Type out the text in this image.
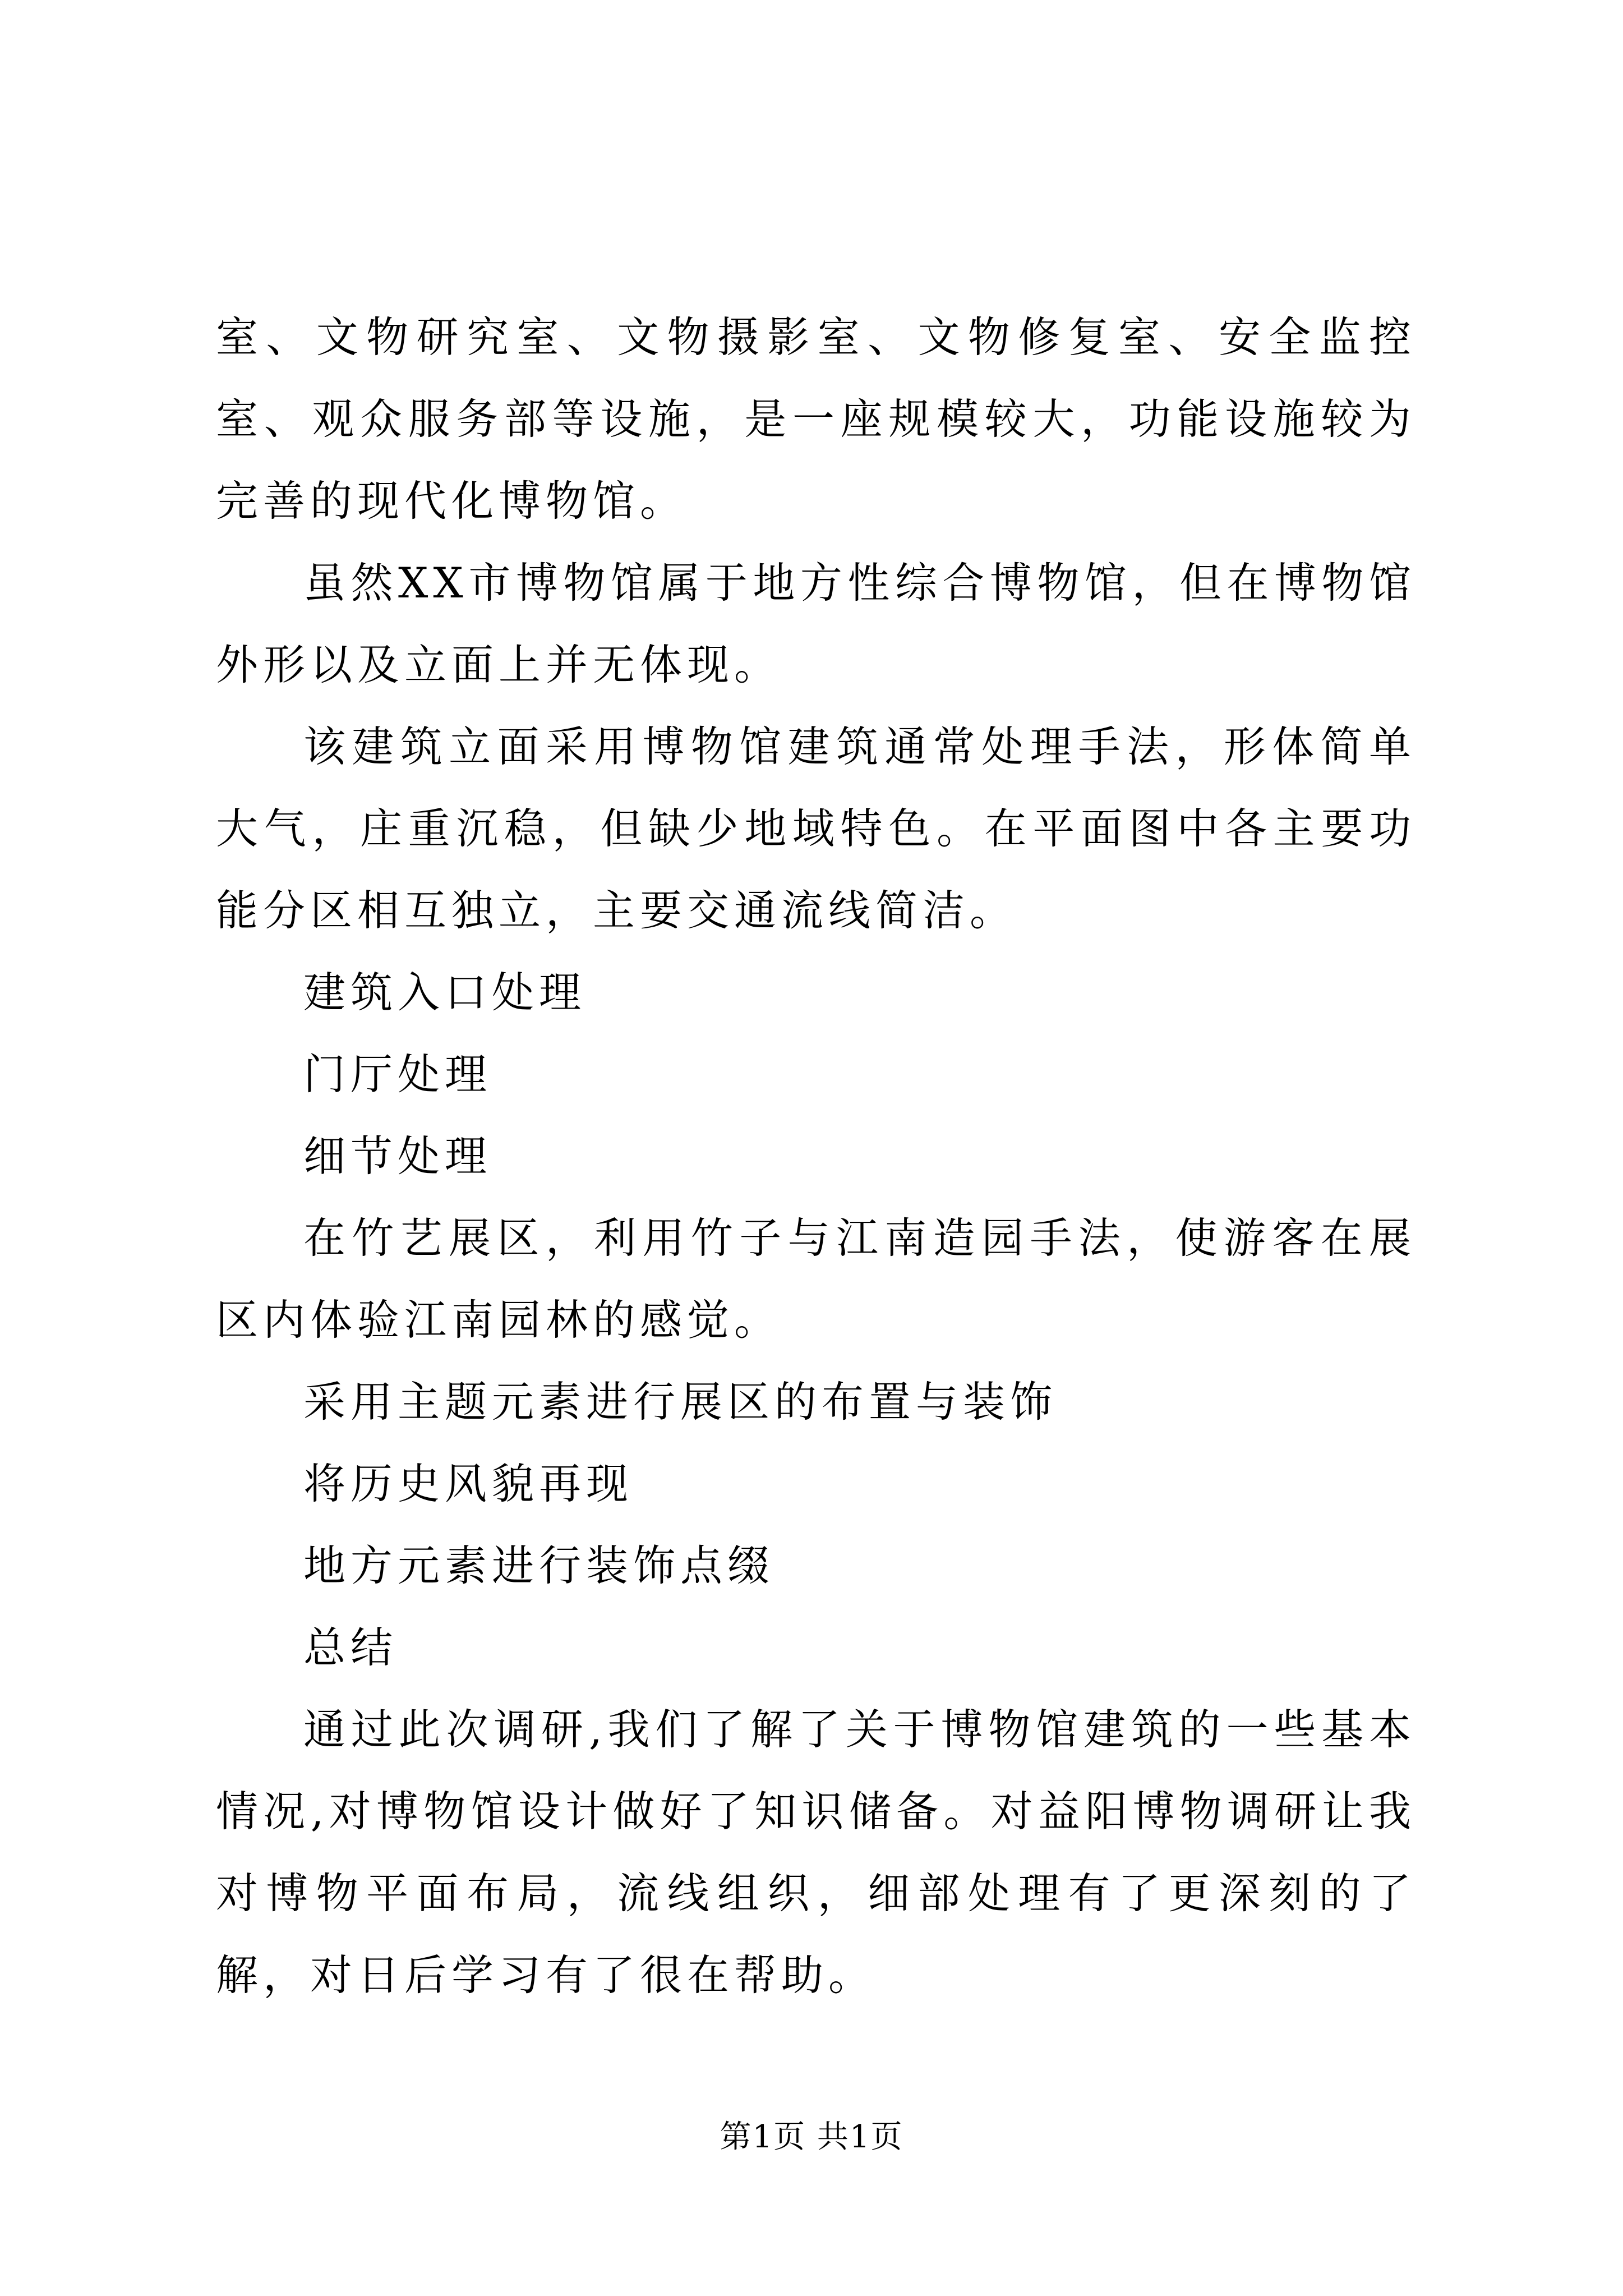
室、文物研究室、文物摄影室、文物修复室、安全监控室、观众服务部等设施，是一座规模较大，功能设施较为完善的现代化博物馆。

虽然XX市博物馆属于地方性综合博物馆，但在博物馆外形以及立面上并无体现。

该建筑立面采用博物馆建筑通常处理手法，形体简单大气，庄重沉稳，但缺少地域特色。在平面图中各主要功能分区相互独立，主要交通流线简洁。

建筑入口处理

门厅处理

细节处理

在竹艺展区，利用竹子与江南造园手法，使游客在展区内体验江南园林的感觉。

采用主题元素进行展区的布置与装饰

将历史风貌再现

地方元素进行装饰点缀

总结

通过此次调研,我们了解了关于博物馆建筑的一些基本情况,对博物馆设计做好了知识储备。对益阳博物调研让我对博物平面布局，流线组织，细部处理有了更深刻的了解，对日后学习有了很在帮助。

第1页 共1页
